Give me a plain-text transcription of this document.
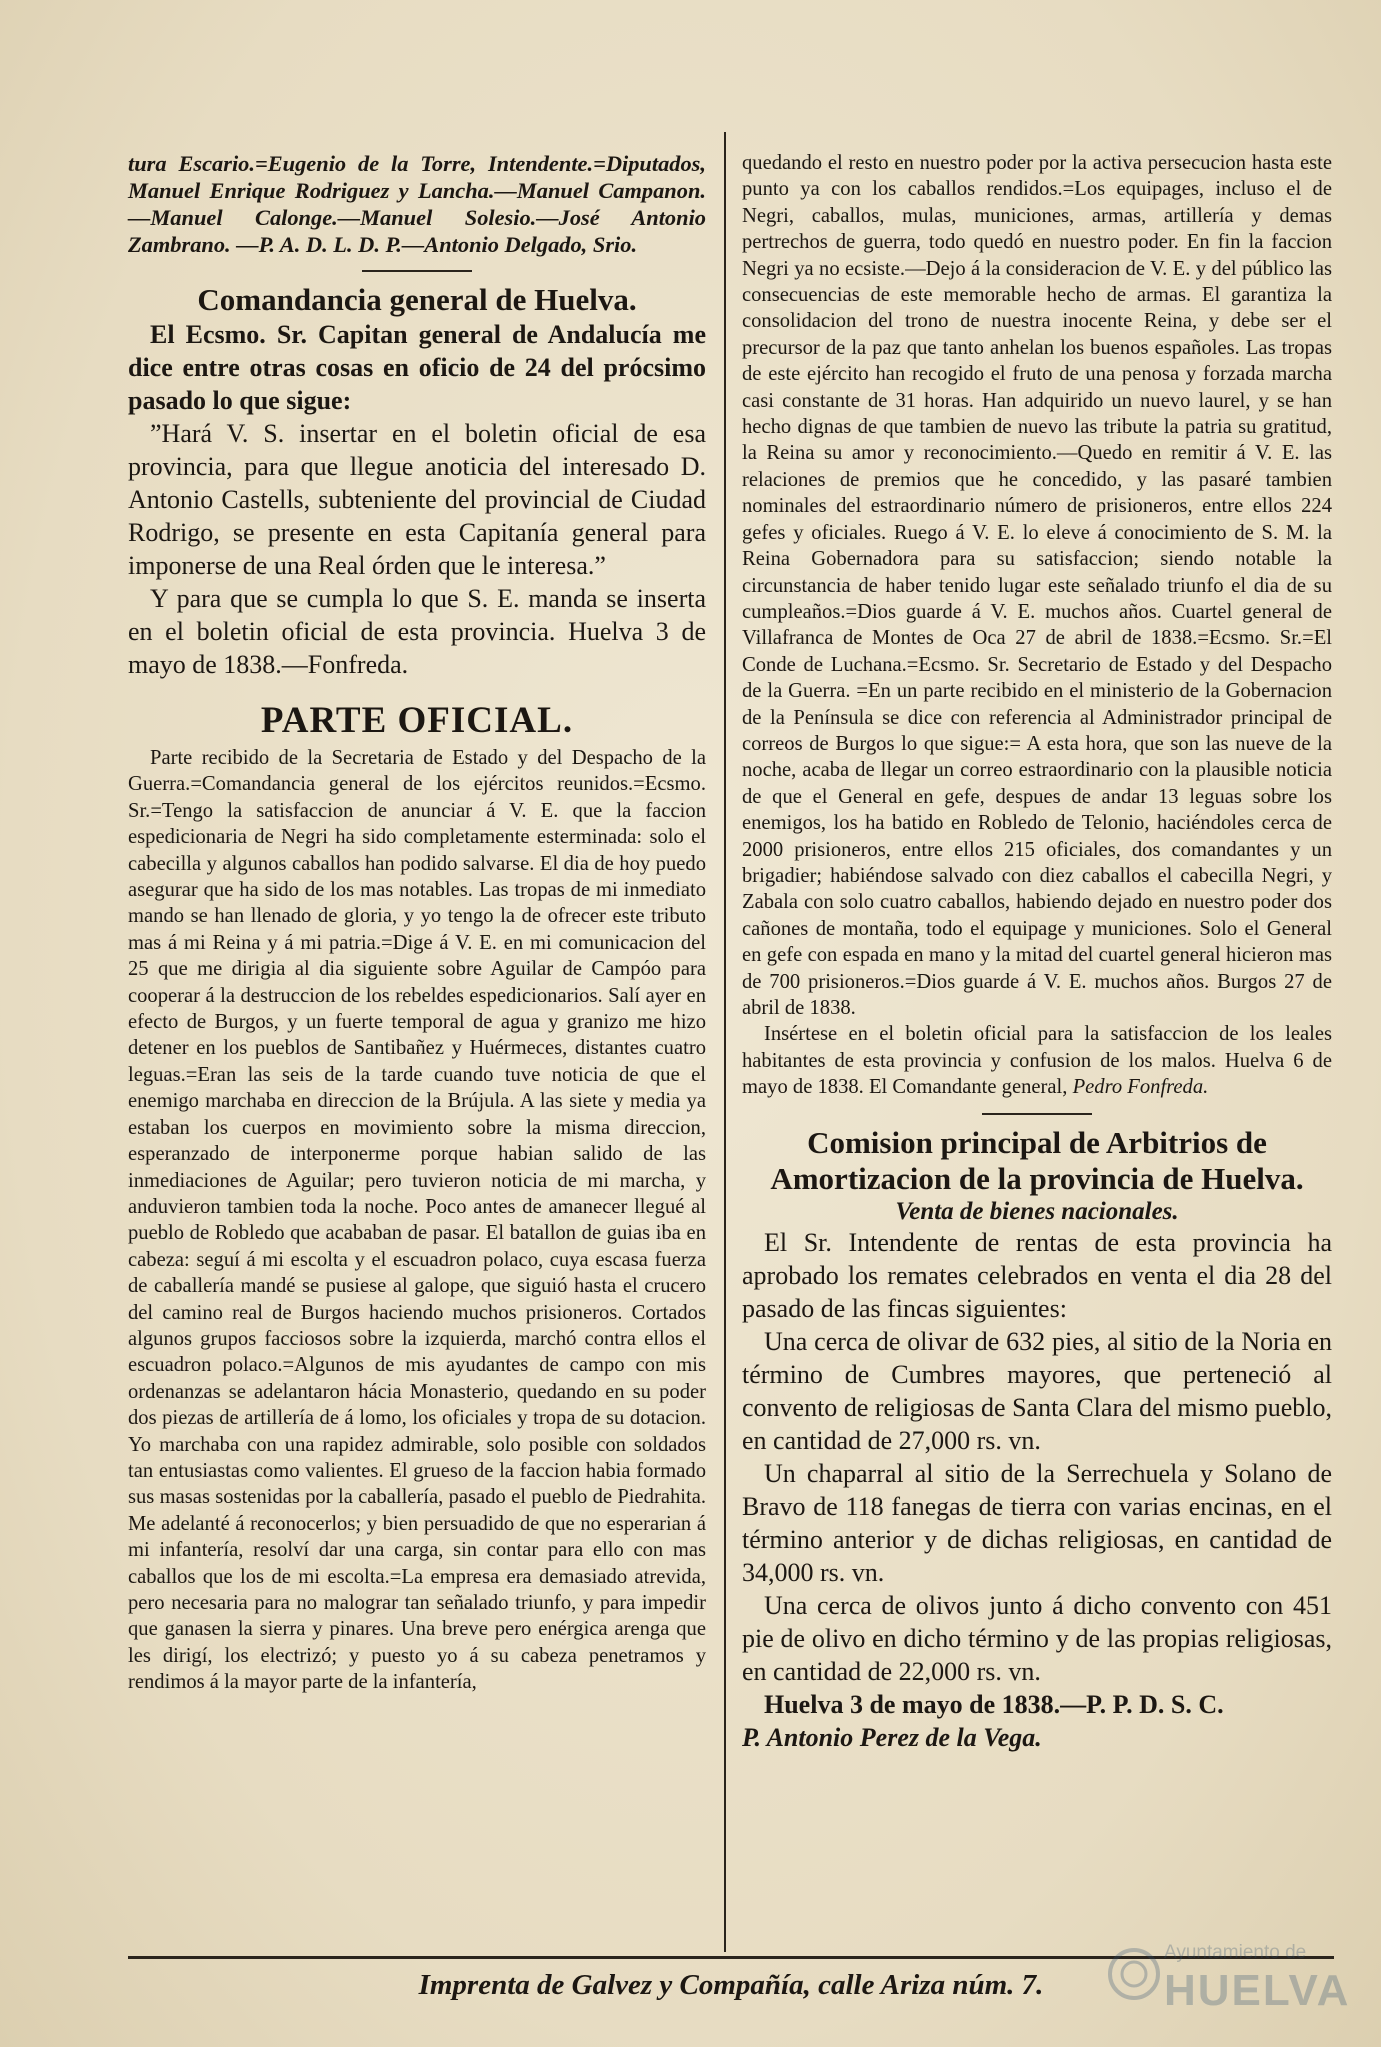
tura Escario.=Eugenio de la Torre, Intendente.=Diputados, Manuel Enrique Rodriguez y Lancha.—Manuel Campanon.—Manuel Calonge.—Manuel Solesio.—José Antonio Zambrano. —P. A. D. L. D. P.—Antonio Delgado, Srio.

Comandancia general de Huelva.

El Ecsmo. Sr. Capitan general de Andalucía me dice entre otras cosas en oficio de 24 del prócsimo pasado lo que sigue:

”Hará V. S. insertar en el boletin oficial de esa provincia, para que llegue anoticia del interesado D. Antonio Castells, subteniente del provincial de Ciudad Rodrigo, se presente en esta Capitanía general para imponerse de una Real órden que le interesa.”

Y para que se cumpla lo que S. E. manda se inserta en el boletin oficial de esta provincia. Huelva 3 de mayo de 1838.—Fonfreda.

PARTE OFICIAL.

Parte recibido de la Secretaria de Estado y del Despacho de la Guerra.=Comandancia general de los ejércitos reunidos.=Ecsmo. Sr.=Tengo la satisfaccion de anunciar á V. E. que la faccion espedicionaria de Negri ha sido completamente esterminada: solo el cabecilla y algunos caballos han podido salvarse. El dia de hoy puedo asegurar que ha sido de los mas notables. Las tropas de mi inmediato mando se han llenado de gloria, y yo tengo la de ofrecer este tributo mas á mi Reina y á mi patria.=Dige á V. E. en mi comunicacion del 25 que me dirigia al dia siguiente sobre Aguilar de Campóo para cooperar á la destruccion de los rebeldes espedicionarios. Salí ayer en efecto de Burgos, y un fuerte temporal de agua y granizo me hizo detener en los pueblos de Santibañez y Huérmeces, distantes cuatro leguas.=Eran las seis de la tarde cuando tuve noticia de que el enemigo marchaba en direccion de la Brújula. A las siete y media ya estaban los cuerpos en movimiento sobre la misma direccion, esperanzado de interponerme porque habian salido de las inmediaciones de Aguilar; pero tuvieron noticia de mi marcha, y anduvieron tambien toda la noche. Poco antes de amanecer llegué al pueblo de Robledo que acababan de pasar. El batallon de guias iba en cabeza: seguí á mi escolta y el escuadron polaco, cuya escasa fuerza de caballería mandé se pusiese al galope, que siguió hasta el crucero del camino real de Burgos haciendo muchos prisioneros. Cortados algunos grupos facciosos sobre la izquierda, marchó contra ellos el escuadron polaco.=Algunos de mis ayudantes de campo con mis ordenanzas se adelantaron hácia Monasterio, quedando en su poder dos piezas de artillería de á lomo, los oficiales y tropa de su dotacion. Yo marchaba con una rapidez admirable, solo posible con soldados tan entusiastas como valientes. El grueso de la faccion habia formado sus masas sostenidas por la caballería, pasado el pueblo de Piedrahita. Me adelanté á reconocerlos; y bien persuadido de que no esperarian á mi infantería, resolví dar una carga, sin contar para ello con mas caballos que los de mi escolta.=La empresa era demasiado atrevida, pero necesaria para no malograr tan señalado triunfo, y para impedir que ganasen la sierra y pinares. Una breve pero enérgica arenga que les dirigí, los electrizó; y puesto yo á su cabeza penetramos y rendimos á la mayor parte de la infantería,

quedando el resto en nuestro poder por la activa persecucion hasta este punto ya con los caballos rendidos.=Los equipages, incluso el de Negri, caballos, mulas, municiones, armas, artillería y demas pertrechos de guerra, todo quedó en nuestro poder. En fin la faccion Negri ya no ecsiste.—Dejo á la consideracion de V. E. y del público las consecuencias de este memorable hecho de armas. El garantiza la consolidacion del trono de nuestra inocente Reina, y debe ser el precursor de la paz que tanto anhelan los buenos españoles. Las tropas de este ejército han recogido el fruto de una penosa y forzada marcha casi constante de 31 horas. Han adquirido un nuevo laurel, y se han hecho dignas de que tambien de nuevo las tribute la patria su gratitud, la Reina su amor y reconocimiento.—Quedo en remitir á V. E. las relaciones de premios que he concedido, y las pasaré tambien nominales del estraordinario número de prisioneros, entre ellos 224 gefes y oficiales. Ruego á V. E. lo eleve á conocimiento de S. M. la Reina Gobernadora para su satisfaccion; siendo notable la circunstancia de haber tenido lugar este señalado triunfo el dia de su cumpleaños.=Dios guarde á V. E. muchos años. Cuartel general de Villafranca de Montes de Oca 27 de abril de 1838.=Ecsmo. Sr.=El Conde de Luchana.=Ecsmo. Sr. Secretario de Estado y del Despacho de la Guerra. =En un parte recibido en el ministerio de la Gobernacion de la Península se dice con referencia al Administrador principal de correos de Burgos lo que sigue:= A esta hora, que son las nueve de la noche, acaba de llegar un correo estraordinario con la plausible noticia de que el General en gefe, despues de andar 13 leguas sobre los enemigos, los ha batido en Robledo de Telonio, haciéndoles cerca de 2000 prisioneros, entre ellos 215 oficiales, dos comandantes y un brigadier; habiéndose salvado con diez caballos el cabecilla Negri, y Zabala con solo cuatro caballos, habiendo dejado en nuestro poder dos cañones de montaña, todo el equipage y municiones. Solo el General en gefe con espada en mano y la mitad del cuartel general hicieron mas de 700 prisioneros.=Dios guarde á V. E. muchos años. Burgos 27 de abril de 1838.

Insértese en el boletin oficial para la satisfaccion de los leales habitantes de esta provincia y confusion de los malos. Huelva 6 de mayo de 1838. El Comandante general, Pedro Fonfreda.

Comision principal de Arbitrios de
Amortizacion de la provincia de Huelva.

Venta de bienes nacionales.

El Sr. Intendente de rentas de esta provincia ha aprobado los remates celebrados en venta el dia 28 del pasado de las fincas siguientes:

Una cerca de olivar de 632 pies, al sitio de la Noria en término de Cumbres mayores, que perteneció al convento de religiosas de Santa Clara del mismo pueblo, en cantidad de 27,000 rs. vn.

Un chaparral al sitio de la Serrechuela y Solano de Bravo de 118 fanegas de tierra con varias encinas, en el término anterior y de dichas religiosas, en cantidad de 34,000 rs. vn.

Una cerca de olivos junto á dicho convento con 451 pie de olivo en dicho término y de las propias religiosas, en cantidad de 22,000 rs. vn.

Huelva 3 de mayo de 1838.—P. P. D. S. C.

P. Antonio Perez de la Vega.

Imprenta de Galvez y Compañía, calle Ariza núm. 7.
Ayuntamiento de
HUELVA
